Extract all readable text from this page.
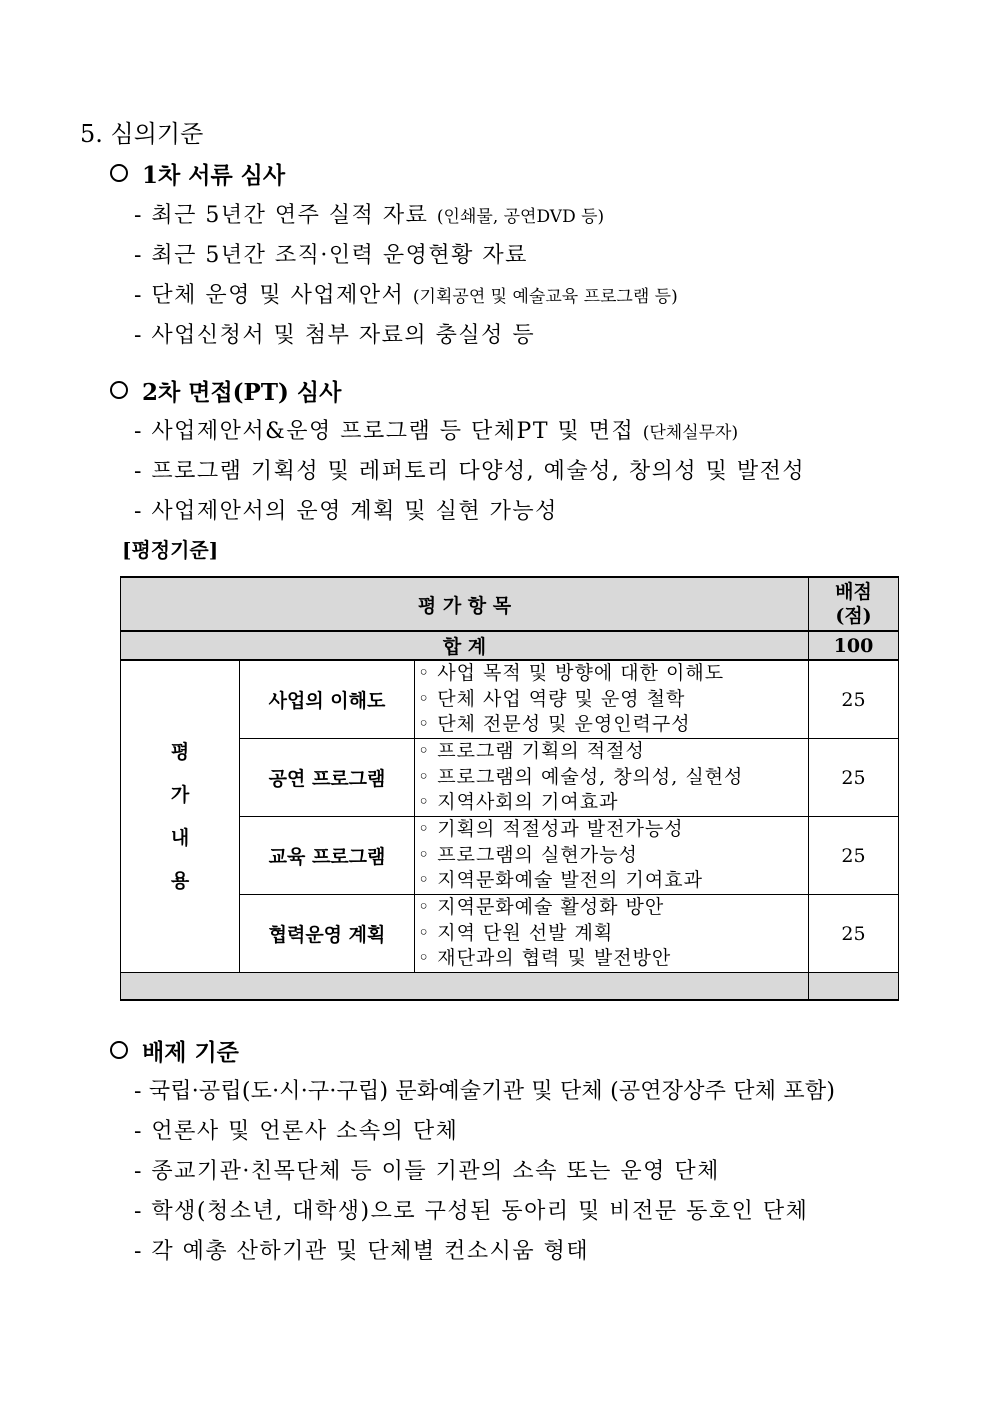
5. 심의기준
1차 서류 심사
- 최근 5년간 연주 실적 자료 (인쇄물, 공연DVD 등)
- 최근 5년간 조직·인력 운영현황 자료
- 단체 운영 및 사업제안서 (기획공연 및 예술교육 프로그램 등)
- 사업신청서 및 첨부 자료의 충실성 등
2차 면접(PT) 심사
- 사업제안서&운영 프로그램 등 단체PT 및 면접 (단체실무자)
- 프로그램 기획성 및 레퍼토리 다양성, 예술성, 창의성 및 발전성
- 사업제안서의 운영 계획 및 실현 가능성
[평정기준]
평 가 항 목			배점
(점)
합 계			100

평
가
내
용	사업의 이해도	◦ 사업 목적 및 방향에 대한 이해도
◦ 단체 사업 역량 및 운영 철학
◦ 단체 전문성 및 운영인력구성	25
	공연 프로그램	◦ 프로그램 기획의 적절성
◦ 프로그램의 예술성, 창의성, 실현성
◦ 지역사회의 기여효과	25
	교육 프로그램	◦ 기획의 적절성과 발전가능성
◦ 프로그램의 실현가능성
◦ 지역문화예술 발전의 기여효과	25
	협력운영 계획	◦ 지역문화예술 활성화 방안
◦ 지역 단원 선발 계획
◦ 재단과의 협력 및 발전방안	25

배제 기준
- 국립·공립(도·시·구·구립) 문화예술기관 및 단체 (공연장상주 단체 포함)
- 언론사 및 언론사 소속의 단체
- 종교기관·친목단체 등 이들 기관의 소속 또는 운영 단체
- 학생(청소년, 대학생)으로 구성된 동아리 및 비전문 동호인 단체
- 각 예총 산하기관 및 단체별 컨소시움 형태
